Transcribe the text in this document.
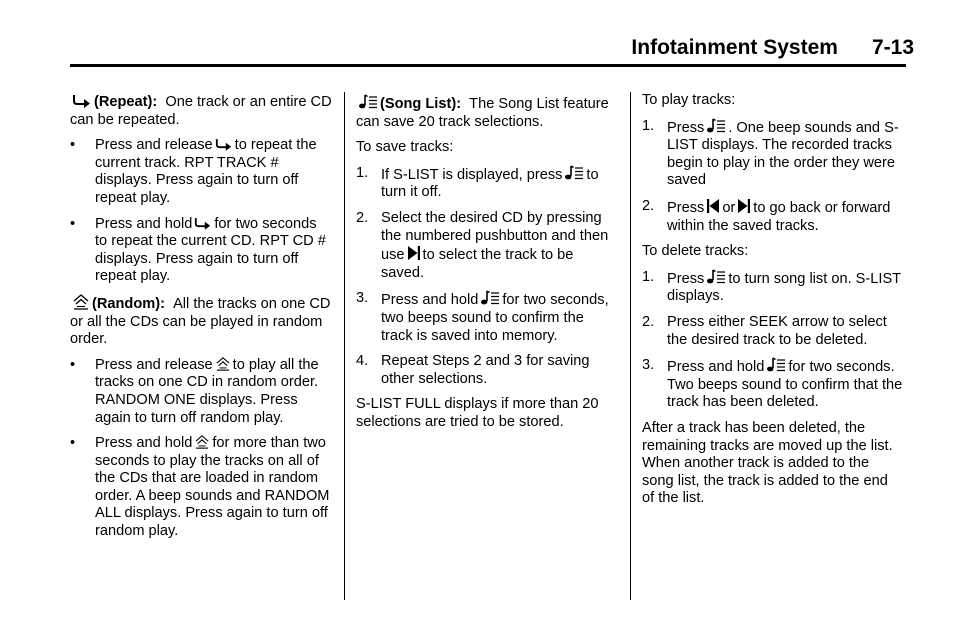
Infotainment System 7-13

(Repeat): One track or an entire CD can be repeated.

• Press and release to repeat the current track. RPT TRACK # displays. Press again to turn off repeat play.
• Press and hold for two seconds to repeat the current CD. RPT CD # displays. Press again to turn off repeat play.

(Random): All the tracks on one CD or all the CDs can be played in random order.

• Press and release to play all the tracks on one CD in random order. RANDOM ONE displays. Press again to turn off random play.
• Press and hold for more than two seconds to play the tracks on all of the CDs that are loaded in random order. A beep sounds and RANDOM ALL displays. Press again to turn off random play.

(Song List): The Song List feature can save 20 track selections.

To save tracks:

1. If S-LIST is displayed, press to turn it off.
2. Select the desired CD by pressing the numbered pushbutton and then use to select the track to be saved.
3. Press and hold for two seconds, two beeps sound to confirm the track is saved into memory.
4. Repeat Steps 2 and 3 for saving other selections.

S-LIST FULL displays if more than 20 selections are tried to be stored.

To play tracks:

1. Press . One beep sounds and S-LIST displays. The recorded tracks begin to play in the order they were saved
2. Press or to go back or forward within the saved tracks.

To delete tracks:

1. Press to turn song list on. S-LIST displays.
2. Press either SEEK arrow to select the desired track to be deleted.
3. Press and hold for two seconds. Two beeps sound to confirm that the track has been deleted.

After a track has been deleted, the remaining tracks are moved up the list. When another track is added to the song list, the track is added to the end of the list.
